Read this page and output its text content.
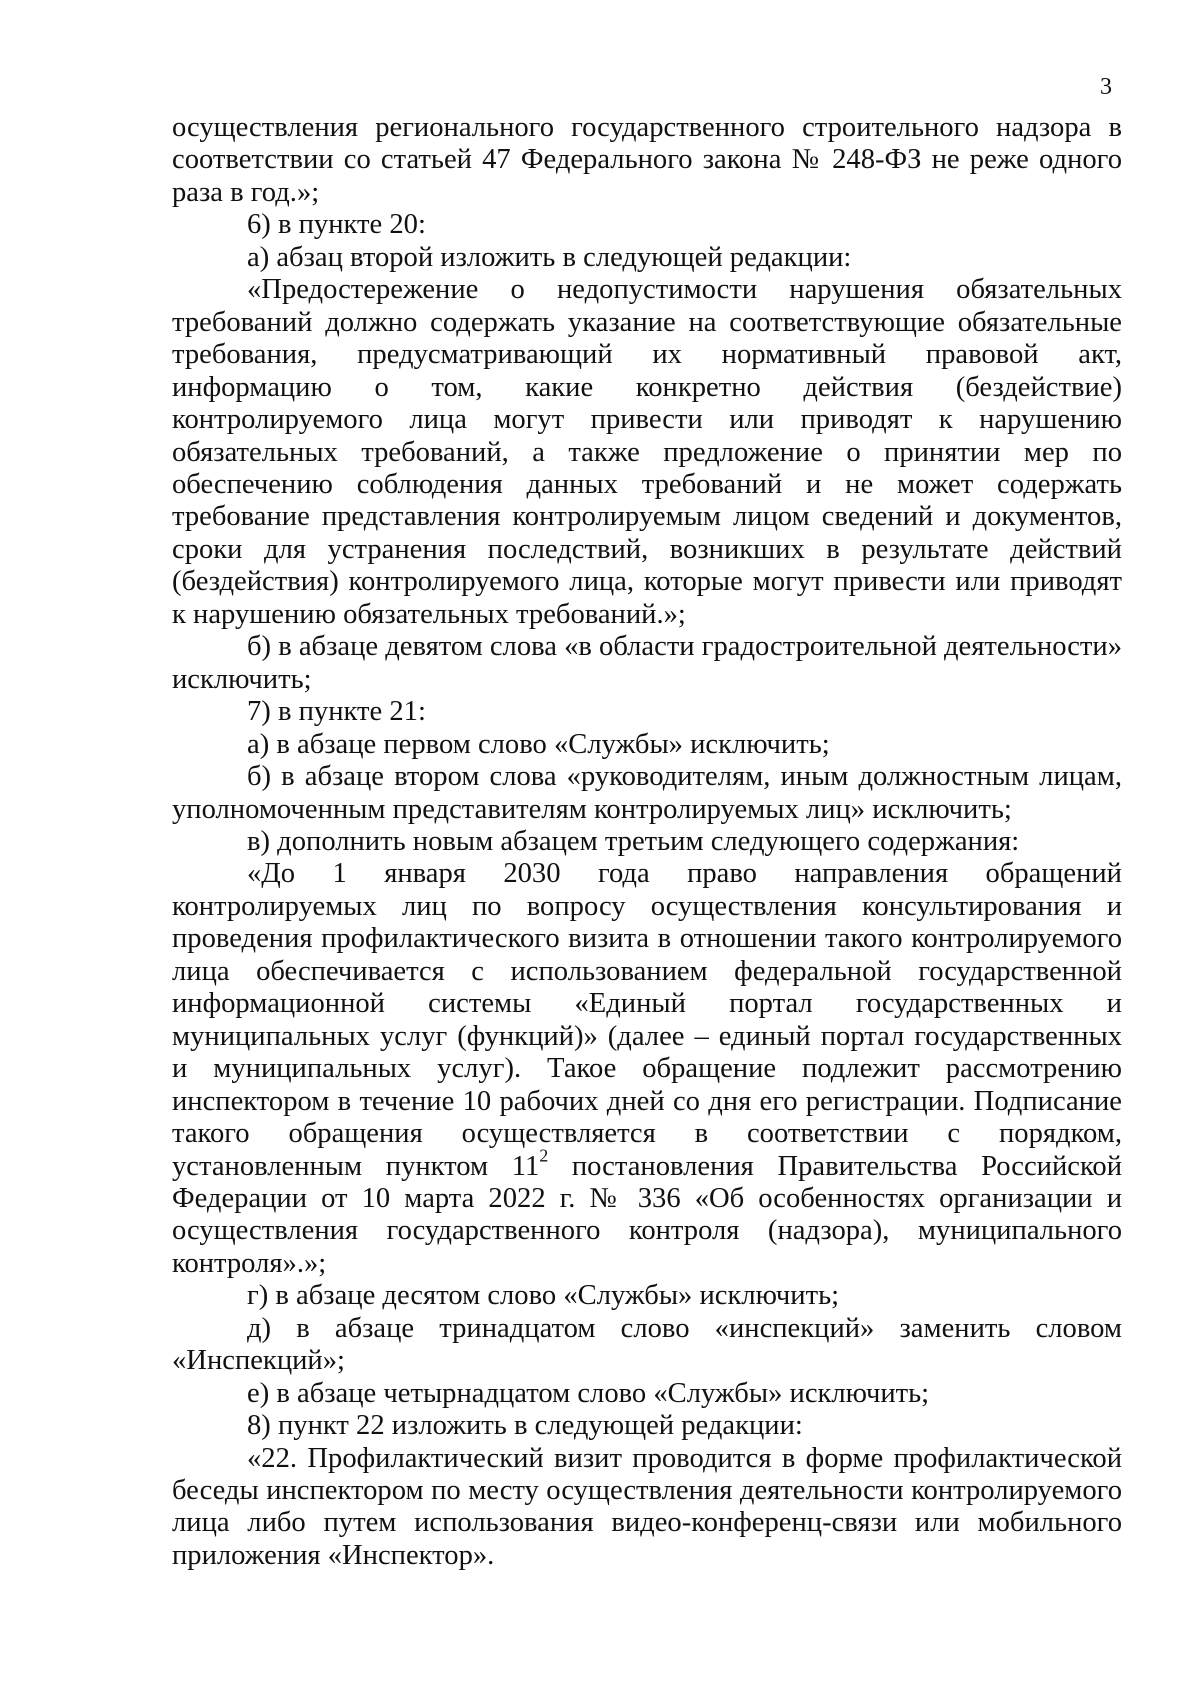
3

осуществления регионального государственного строительного надзора в соответствии со статьей 47 Федерального закона № 248-ФЗ не реже одного раза в год.»;

6) в пункте 20:

а) абзац второй изложить в следующей редакции:

«Предостережение о недопустимости нарушения обязательных требований должно содержать указание на соответствующие обязательные требования, предусматривающий их нормативный правовой акт, информацию о том, какие конкретно действия (бездействие) контролируемого лица могут привести или приводят к нарушению обязательных требований, а также предложение о принятии мер по обеспечению соблюдения данных требований и не может содержать требование представления контролируемым лицом сведений и документов, сроки для устранения последствий, возникших в результате действий (бездействия) контролируемого лица, которые могут привести или приводят к нарушению обязательных требований.»;

б) в абзаце девятом слова «в области градостроительной деятельности» исключить;

7) в пункте 21:

а) в абзаце первом слово «Службы» исключить;

б) в абзаце втором слова «руководителям, иным должностным лицам, уполномоченным представителям контролируемых лиц» исключить;

в) дополнить новым абзацем третьим следующего содержания:

«До 1 января 2030 года право направления обращений контролируемых лиц по вопросу осуществления консультирования и проведения профилактического визита в отношении такого контролируемого лица обеспечивается с использованием федеральной государственной информационной системы «Единый портал государственных и муниципальных услуг (функций)» (далее – единый портал государственных и муниципальных услуг). Такое обращение подлежит рассмотрению инспектором в течение 10 рабочих дней со дня его регистрации. Подписание такого обращения осуществляется в соответствии с порядком, установленным пунктом $11^2$ постановления Правительства Российской Федерации от 10 марта 2022 г. № 336 «Об особенностях организации и осуществления государственного контроля (надзора), муниципального контроля».»;

г) в абзаце десятом слово «Службы» исключить;

д) в абзаце тринадцатом слово «инспекций» заменить словом «Инспекций»;

е) в абзаце четырнадцатом слово «Службы» исключить;

8) пункт 22 изложить в следующей редакции:

«22. Профилактический визит проводится в форме профилактической беседы инспектором по месту осуществления деятельности контролируемого лица либо путем использования видео-конференц-связи или мобильного приложения «Инспектор».
